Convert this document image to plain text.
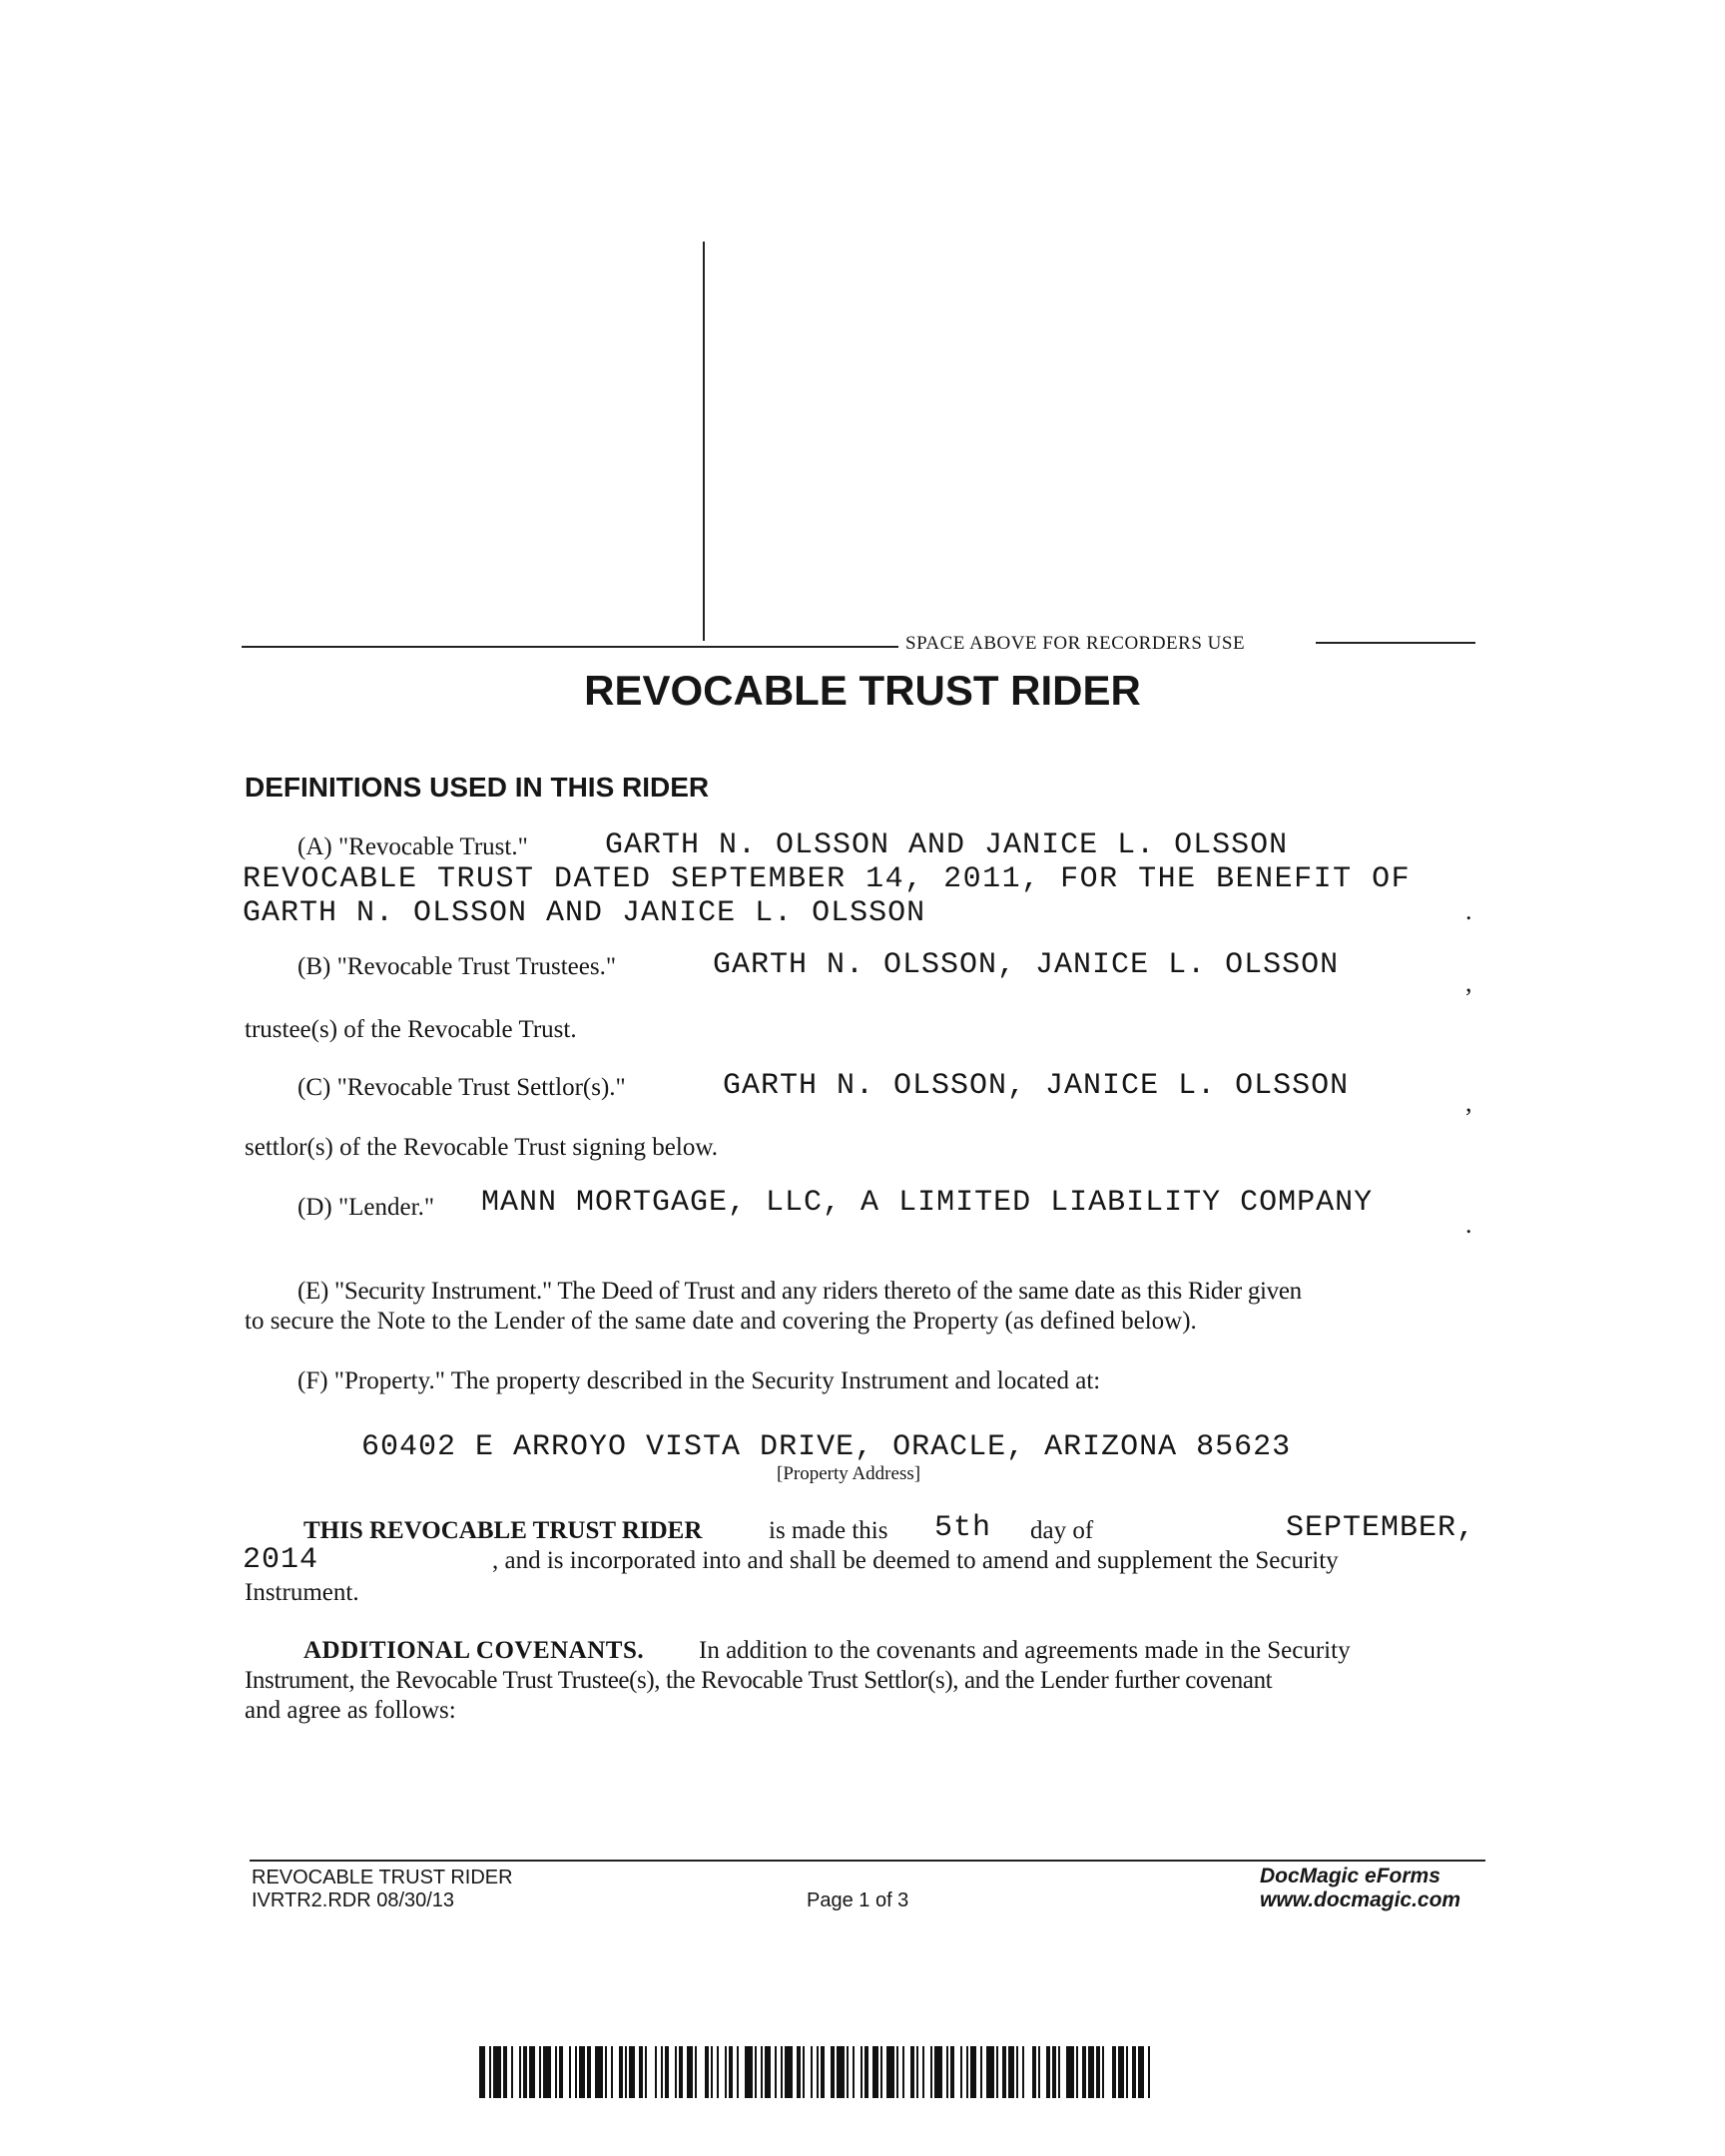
SPACE ABOVE FOR RECORDERS USE
REVOCABLE TRUST RIDER
DEFINITIONS USED IN THIS RIDER
(A) "Revocable Trust."	GARTH N. OLSSON AND JANICE L. OLSSON
REVOCABLE TRUST DATED SEPTEMBER 14, 2011, FOR THE BENEFIT OF
GARTH N. OLSSON AND JANICE L. OLSSON	.
(B) "Revocable Trust Trustees."	GARTH N. OLSSON, JANICE L. OLSSON
,
trustee(s) of the Revocable Trust.
(C) "Revocable Trust Settlor(s)."	GARTH N. OLSSON, JANICE L. OLSSON	,
settlor(s) of the Revocable Trust signing below.
(D) "Lender." MANN MORTGAGE, LLC, A LIMITED LIABILITY COMPANY
.
(E) "Security Instrument." The Deed of Trust and any riders thereto of the same date as this Rider given
to secure the Note to the Lender of the same date and covering the Property (as defined below).
(F) "Property." The property described in the Security Instrument and located at:
60402 E ARROYO VISTA DRIVE, ORACLE, ARIZONA 85623
[Property Address]
THIS REVOCABLE TRUST RIDER	is made this 5th day of	SEPTEMBER,
2014	, and is incorporated into and shall be deemed to amend and supplement the Security
Instrument.
ADDITIONAL COVENANTS. In addition to the covenants and agreements made in the Security
Instrument, the Revocable Trust Trustee(s), the Revocable Trust Settlor(s), and the Lender further covenant
and agree as follows:
REVOCABLE TRUST RIDER
IVRTR2.RDR 08/30/13	Page 1 of 3
DocMagic eForms
www.docmagic.com
